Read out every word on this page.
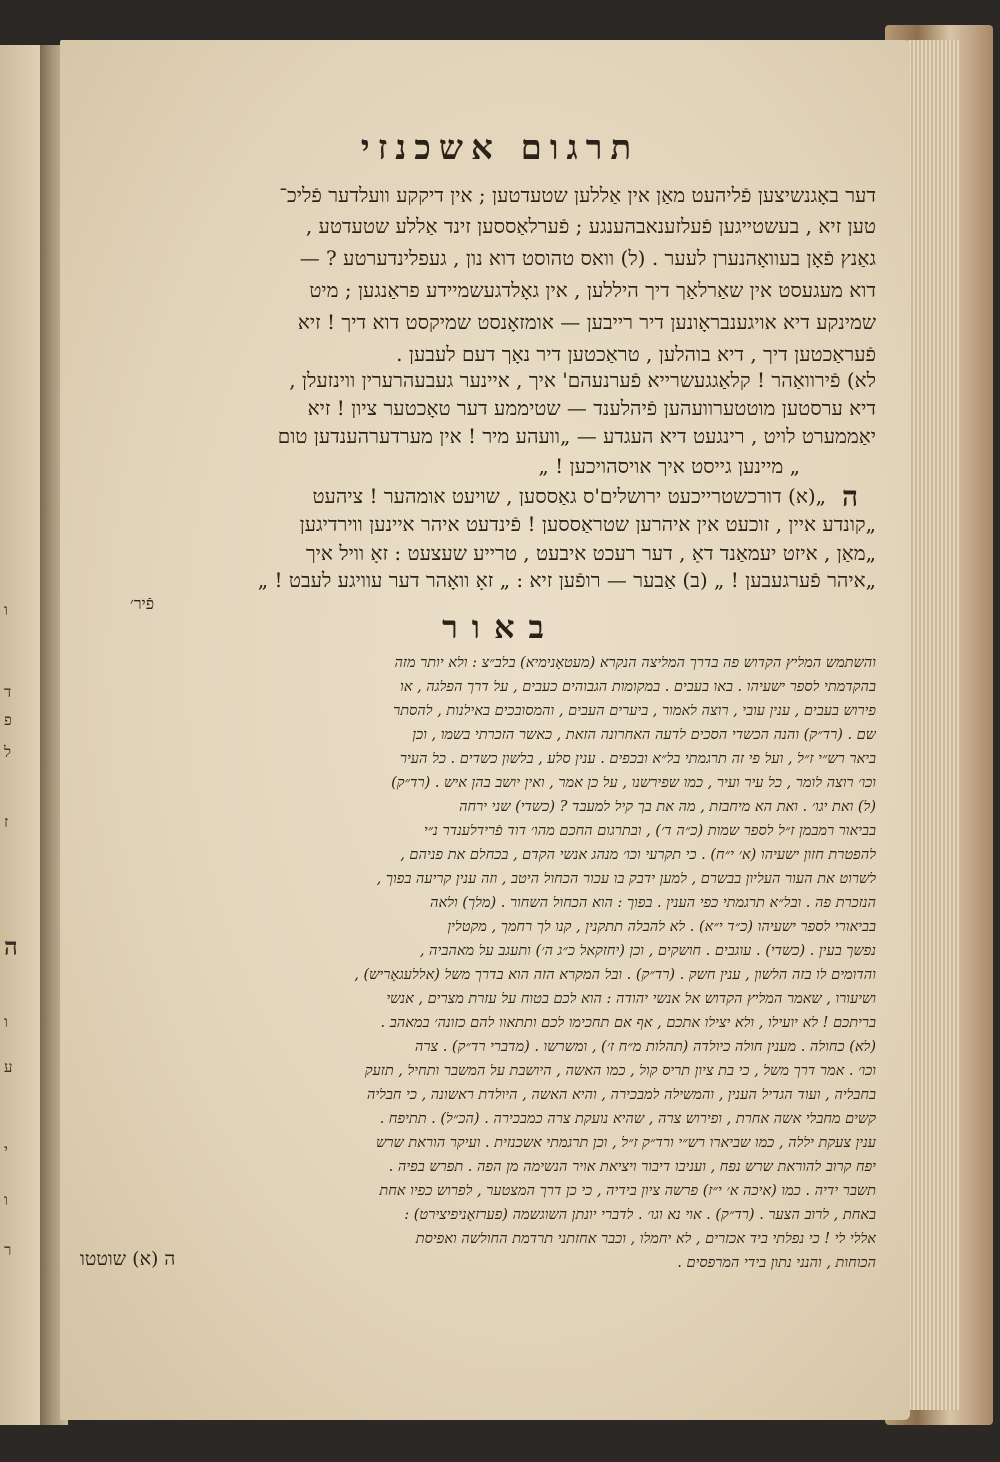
ו
ד
פ
ל
ז
ה
ו
ע
י
ו
ר
תרגום אשכנזי
דער באָגנשיצען פֿליהעט מאַן אין אַללען שטעדטען ; אין דיקקע וועלדער פֿליכ־
טען זיא , בעשטייגען פֿעלזענאבהענגע ; פֿערלאַססען זינד אַללע שטעדטע ,
גאַנץ פֿאָן בעוואָהנערן לעער . (ל) וואס טהוסט דוא נון , געפלינדערטע ? —
דוא מעגעסט אין שאַרלאַך דיך היללען , אין גאָלדגעשמיידע פראַנגען ; מיט
שמינקע דיא אויגענבראָונען דיר רייבען — אומזאָנסט שמיקסט דוא דיך ! זיא
פֿעראַכטען דיך , דיא בוהלען , טראַכטען דיר נאָך דעם לעבען .
לא) פֿירוואַהר ! קלאַגגעשרייא פֿערנעהם' איך , איינער געבעהרערין ווינזעלן ,
דיא ערסטען מוטטערוועהען פֿיהלענד — שטיממע דער טאָכטער ציון ! זיא
יאַממערט לויט , רינגעט דיא העגדע — „וועהע מיר ! אין מערדערהענדען טום
„ מיינען גייסט איך אויסהויכען ! „
ה
„(א) דורכשטרייכעט ירושלים'ס גאַססען , שויעט אומהער ! ציהעט
„קונדע איין , זוכעט אין איהרען שטראַססען ! פֿינדעט איהר איינען ווירדיגען
„מאַן , איזט יעמאַנד דאַ , דער רעכט איבעט , טרייע שעצעט : זאָ וויל איך
„איהר פֿערגעבען ! „ (ב) אַבער — רופֿען זיא : „ זאָ וואָהר דער עוויגע לעבט ! „
פֿיר׳
באור
והשתמש המליץ הקדוש פה בדרך המליצה הנקרא (מעטאָנימיא) בלב״צ : ולא יותר מזה
בהקדמתי לספר ישעיהו . באו בעבים . במקומות הגבוהים כעבים , על דרך הפלגה , או
פירוש בעבים , ענין עובי , רוצה לאמור , ביערים העבים , והמסובכים באילנות , להסתר
שם . (רד״ק) והנה הכשדי הסכים לדעה האחרונה הזאת , כאשר הזכרתי בשמו , וכן
ביאר רש״י ז״ל , ועל פי זה תרגמתי בל״א ובכפים . ענין סלע , בלשון כשדים . כל העיר
וכו׳ רוצה לומר , כל עיר ועיר , כמו שפירשנו , על כן אמר , ואין יושב בהן איש . (רד״ק)
(ל) ואת יגו׳ . ואת הא מיחבזת , מה את בך קיל למעבד ? (כשדי) שני ירחה
בביאור רמבמן ז״ל לספר שמות (כ״ה ד׳) , ובתרגום החכם מהו׳ דוד פֿרידלענדר נ״י
להפטרת חזון ישעיהו (א׳ י״ח) . כי תקרעי וכו׳ מנהג אנשי הקדם , בכחלם את פניהם ,
לשרוט את העור העליון בבשרם , למען ידבק בו עכור הכחול היטב , וזה ענין קריעה בפוך ,
הנזכרת פה . ובל״א תרגמתי כפי הענין . בפוך : הוא הכחול השחור . (מלך) ולאה
בביאורי לספר ישעיהו (כ״ד י״א) . לא להבלה תתקנין , קנו לך רחמך , מקטלין
נפשך בעין . (כשדי) . עוגבים . חושקים , וכן (יחזקאל כ״ג ה׳) ותעגב על מאהביה ,
והדומים לו בזה הלשון , ענין חשק . (רד״ק) . ובל המקרא הזה הוא בדרך משל (אללעגאָריש) ,
ושיעורו , שאמר המליץ הקדוש אל אנשי יהודה : הוא לכם בטוח על עזרת מצרים , אנשי
בריתכם ! לא יועילו , ולא יצילו אתכם , אף אם תחכימו לכם ותתאוו להם כזונה׳ במאהב .
(לא) כחולה . מענין חולה כיולדה (תהלות מ״ח ז׳) , ומשרשו . (מדברי רד״ק) . צרה
וכו׳ . אמר דרך משל , כי בת ציון תריס קול , כמו האשה , היושבת על המשבר ותחיל , תזעק
בחבליה , ועוד הגדיל הענין , והמשילה למבכירה , והיא האשה , היולדת ראשונה , כי חבליה
קשים מחבלי אשה אחרת , ופירוש צרה , שהיא נועקת צרה כמבכירה . (הכ״ל) . תתיפח .
ענין צעקת יללה , כמו שביארו רש״י ורד״ק ז״ל , וכן תרגמתי אשכנזית . ועיקר הוראת שרש
יפח קרוב להוראת שרש נפח , ועניבו דיבור ויציאת אויר הנשימה מן הפה . תפרש בפיה .
תשבר ידיה . כמו (איכה א׳ י״ז) פרשה ציון בידיה , כי כן דרך המצטער , לפרוש כפיו אחת
באחת , לרוב הצער . (רד״ק) . אוי נא וגו׳ . לדברי יונתן השוגשמה (פערזאָניפיצירט) :
אללי לי ! כי נפלתי ביד אכזרים , לא יחמלו , וכבר אחזתני תרדמת החולשה ואפיסת
הכוחות , והנני נתון בידי המרפסים .
ה (א) שוטטו
